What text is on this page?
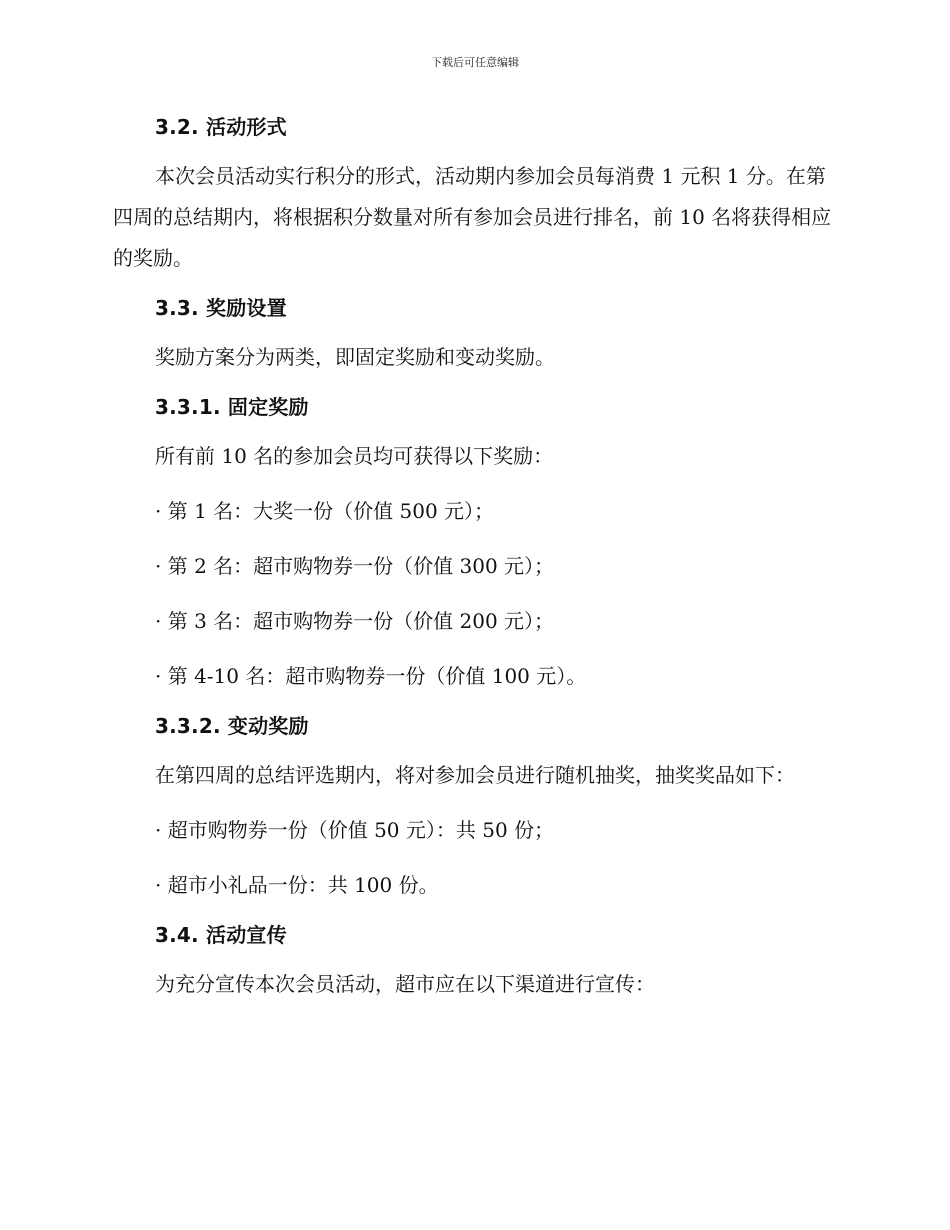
下载后可任意编辑
3.2. 活动形式

本次会员活动实行积分的形式，活动期内参加会员每消费 1 元积 1 分。在第四周的总结期内，将根据积分数量对所有参加会员进行排名，前 10 名将获得相应的奖励。

3.3. 奖励设置

奖励方案分为两类，即固定奖励和变动奖励。

3.3.1. 固定奖励

所有前 10 名的参加会员均可获得以下奖励：

· 第 1 名：大奖一份（价值 500 元）；

· 第 2 名：超市购物券一份（价值 300 元）；

· 第 3 名：超市购物券一份（价值 200 元）；

· 第 4-10 名：超市购物券一份（价值 100 元）。

3.3.2. 变动奖励

在第四周的总结评选期内，将对参加会员进行随机抽奖，抽奖奖品如下：

· 超市购物券一份（价值 50 元）：共 50 份；

· 超市小礼品一份：共 100 份。

3.4. 活动宣传

为充分宣传本次会员活动，超市应在以下渠道进行宣传：
